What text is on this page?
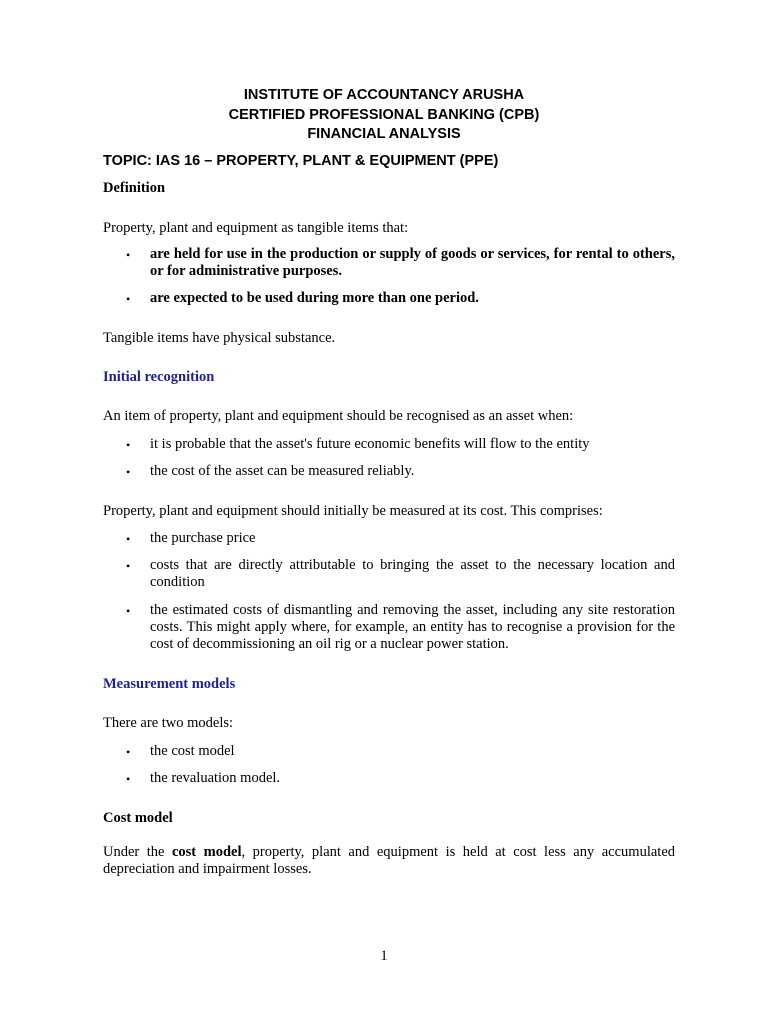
INSTITUTE OF ACCOUNTANCY ARUSHA
CERTIFIED PROFESSIONAL BANKING (CPB)
FINANCIAL ANALYSIS
TOPIC: IAS 16 – PROPERTY, PLANT & EQUIPMENT (PPE)
Definition
Property, plant and equipment as tangible items that:
• are held for use in the production or supply of goods or services, for rental to others, or for administrative purposes.
• are expected to be used during more than one period.
Tangible items have physical substance.
Initial recognition
An item of property, plant and equipment should be recognised as an asset when:
• it is probable that the asset's future economic benefits will flow to the entity
• the cost of the asset can be measured reliably.
Property, plant and equipment should initially be measured at its cost. This comprises:
• the purchase price
• costs that are directly attributable to bringing the asset to the necessary location and condition
• the estimated costs of dismantling and removing the asset, including any site restoration costs. This might apply where, for example, an entity has to recognise a provision for the cost of decommissioning an oil rig or a nuclear power station.
Measurement models
There are two models:
• the cost model
• the revaluation model.
Cost model
Under the cost model, property, plant and equipment is held at cost less any accumulated depreciation and impairment losses.
1
